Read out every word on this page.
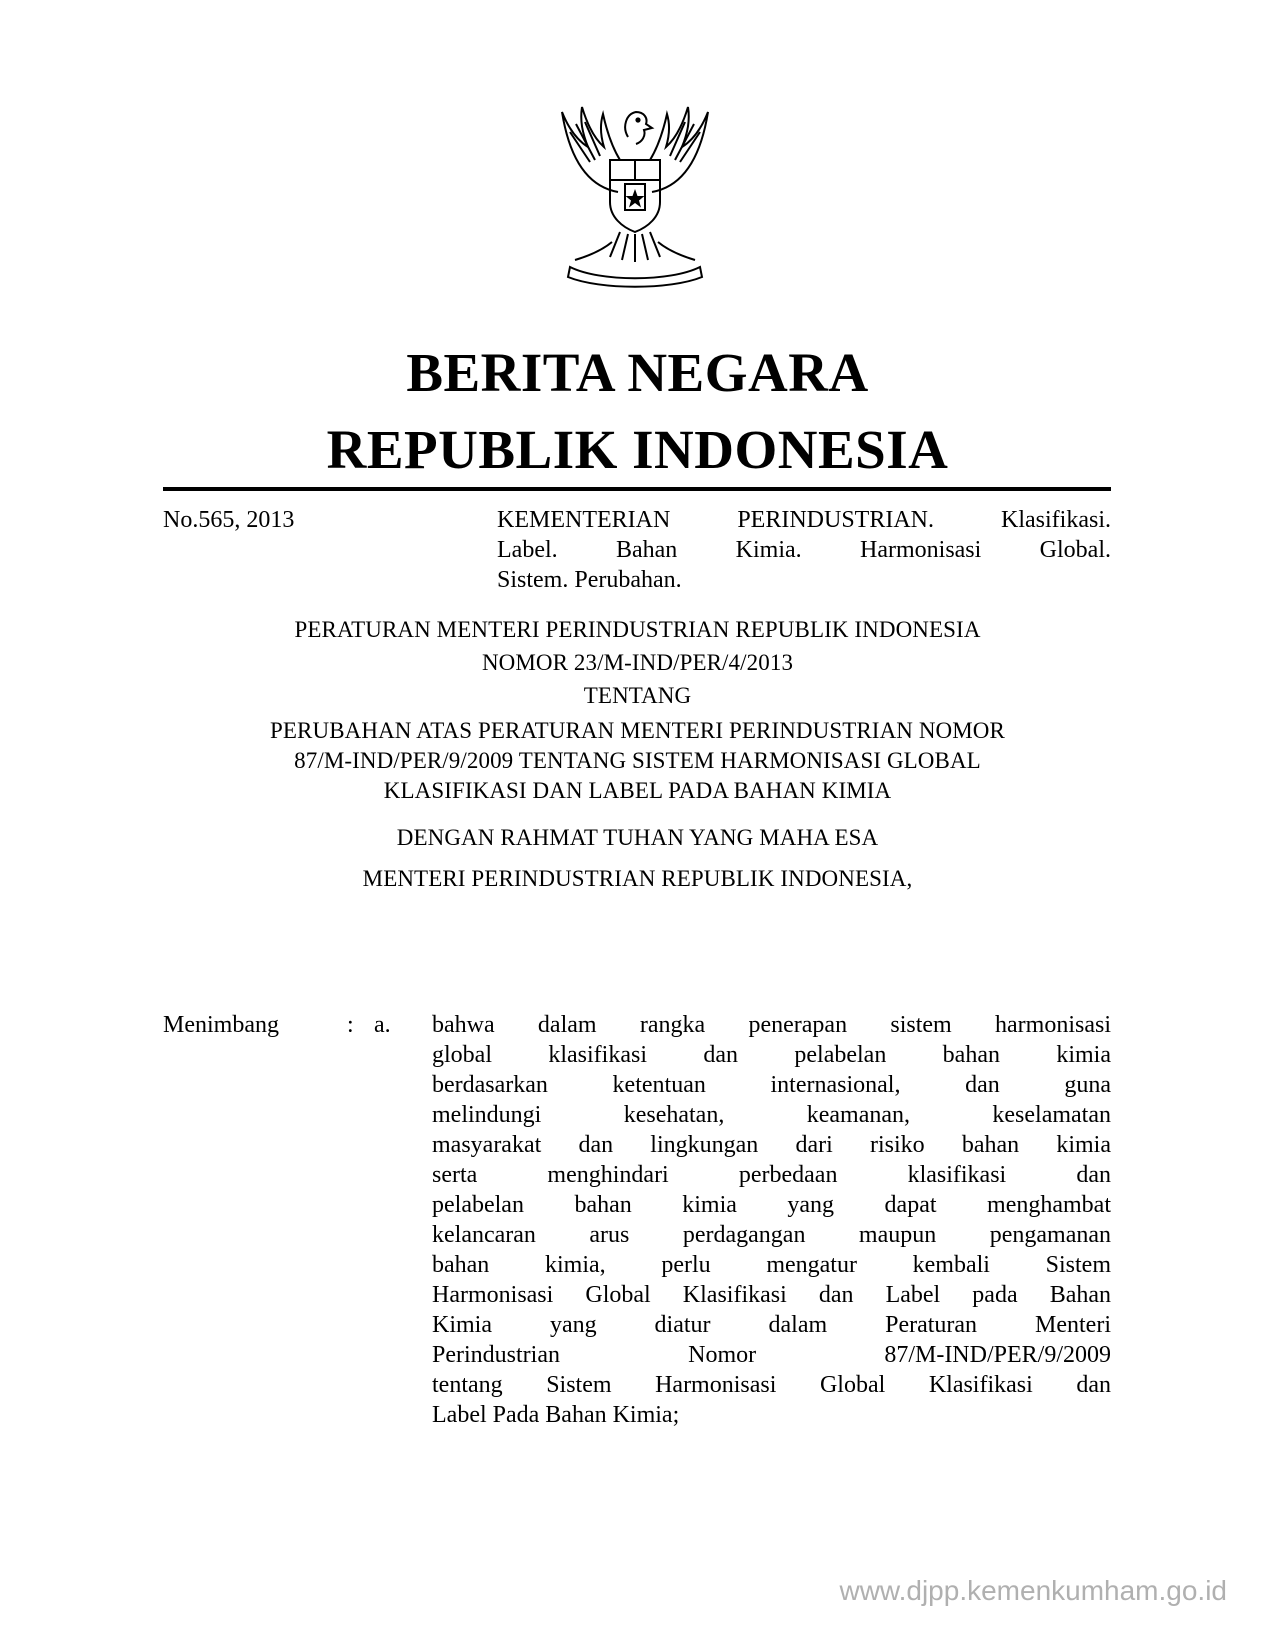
BERITA NEGARA
REPUBLIK INDONESIA
No.565, 2013	KEMENTERIAN PERINDUSTRIAN. Klasifikasi.
Label. Bahan Kimia. Harmonisasi Global.
Sistem. Perubahan.
PERATURAN MENTERI PERINDUSTRIAN REPUBLIK INDONESIA
NOMOR 23/M-IND/PER/4/2013
TENTANG
PERUBAHAN ATAS PERATURAN MENTERI PERINDUSTRIAN NOMOR
87/M-IND/PER/9/2009 TENTANG SISTEM HARMONISASI GLOBAL
KLASIFIKASI DAN LABEL PADA BAHAN KIMIA
DENGAN RAHMAT TUHAN YANG MAHA ESA
MENTERI PERINDUSTRIAN REPUBLIK INDONESIA,
Menimbang	: a. bahwa dalam rangka penerapan sistem harmonisasi
global klasifikasi dan pelabelan bahan kimia
berdasarkan ketentuan internasional, dan guna
melindungi kesehatan, keamanan, keselamatan
masyarakat dan lingkungan dari risiko bahan kimia
serta menghindari perbedaan klasifikasi dan
pelabelan bahan kimia yang dapat menghambat
kelancaran arus perdagangan maupun pengamanan
bahan kimia, perlu mengatur kembali Sistem
Harmonisasi Global Klasifikasi dan Label pada Bahan
Kimia yang diatur dalam Peraturan Menteri
Perindustrian Nomor 87/M-IND/PER/9/2009
tentang Sistem Harmonisasi Global Klasifikasi dan
Label Pada Bahan Kimia;
www.djpp.kemenkumham.go.id
